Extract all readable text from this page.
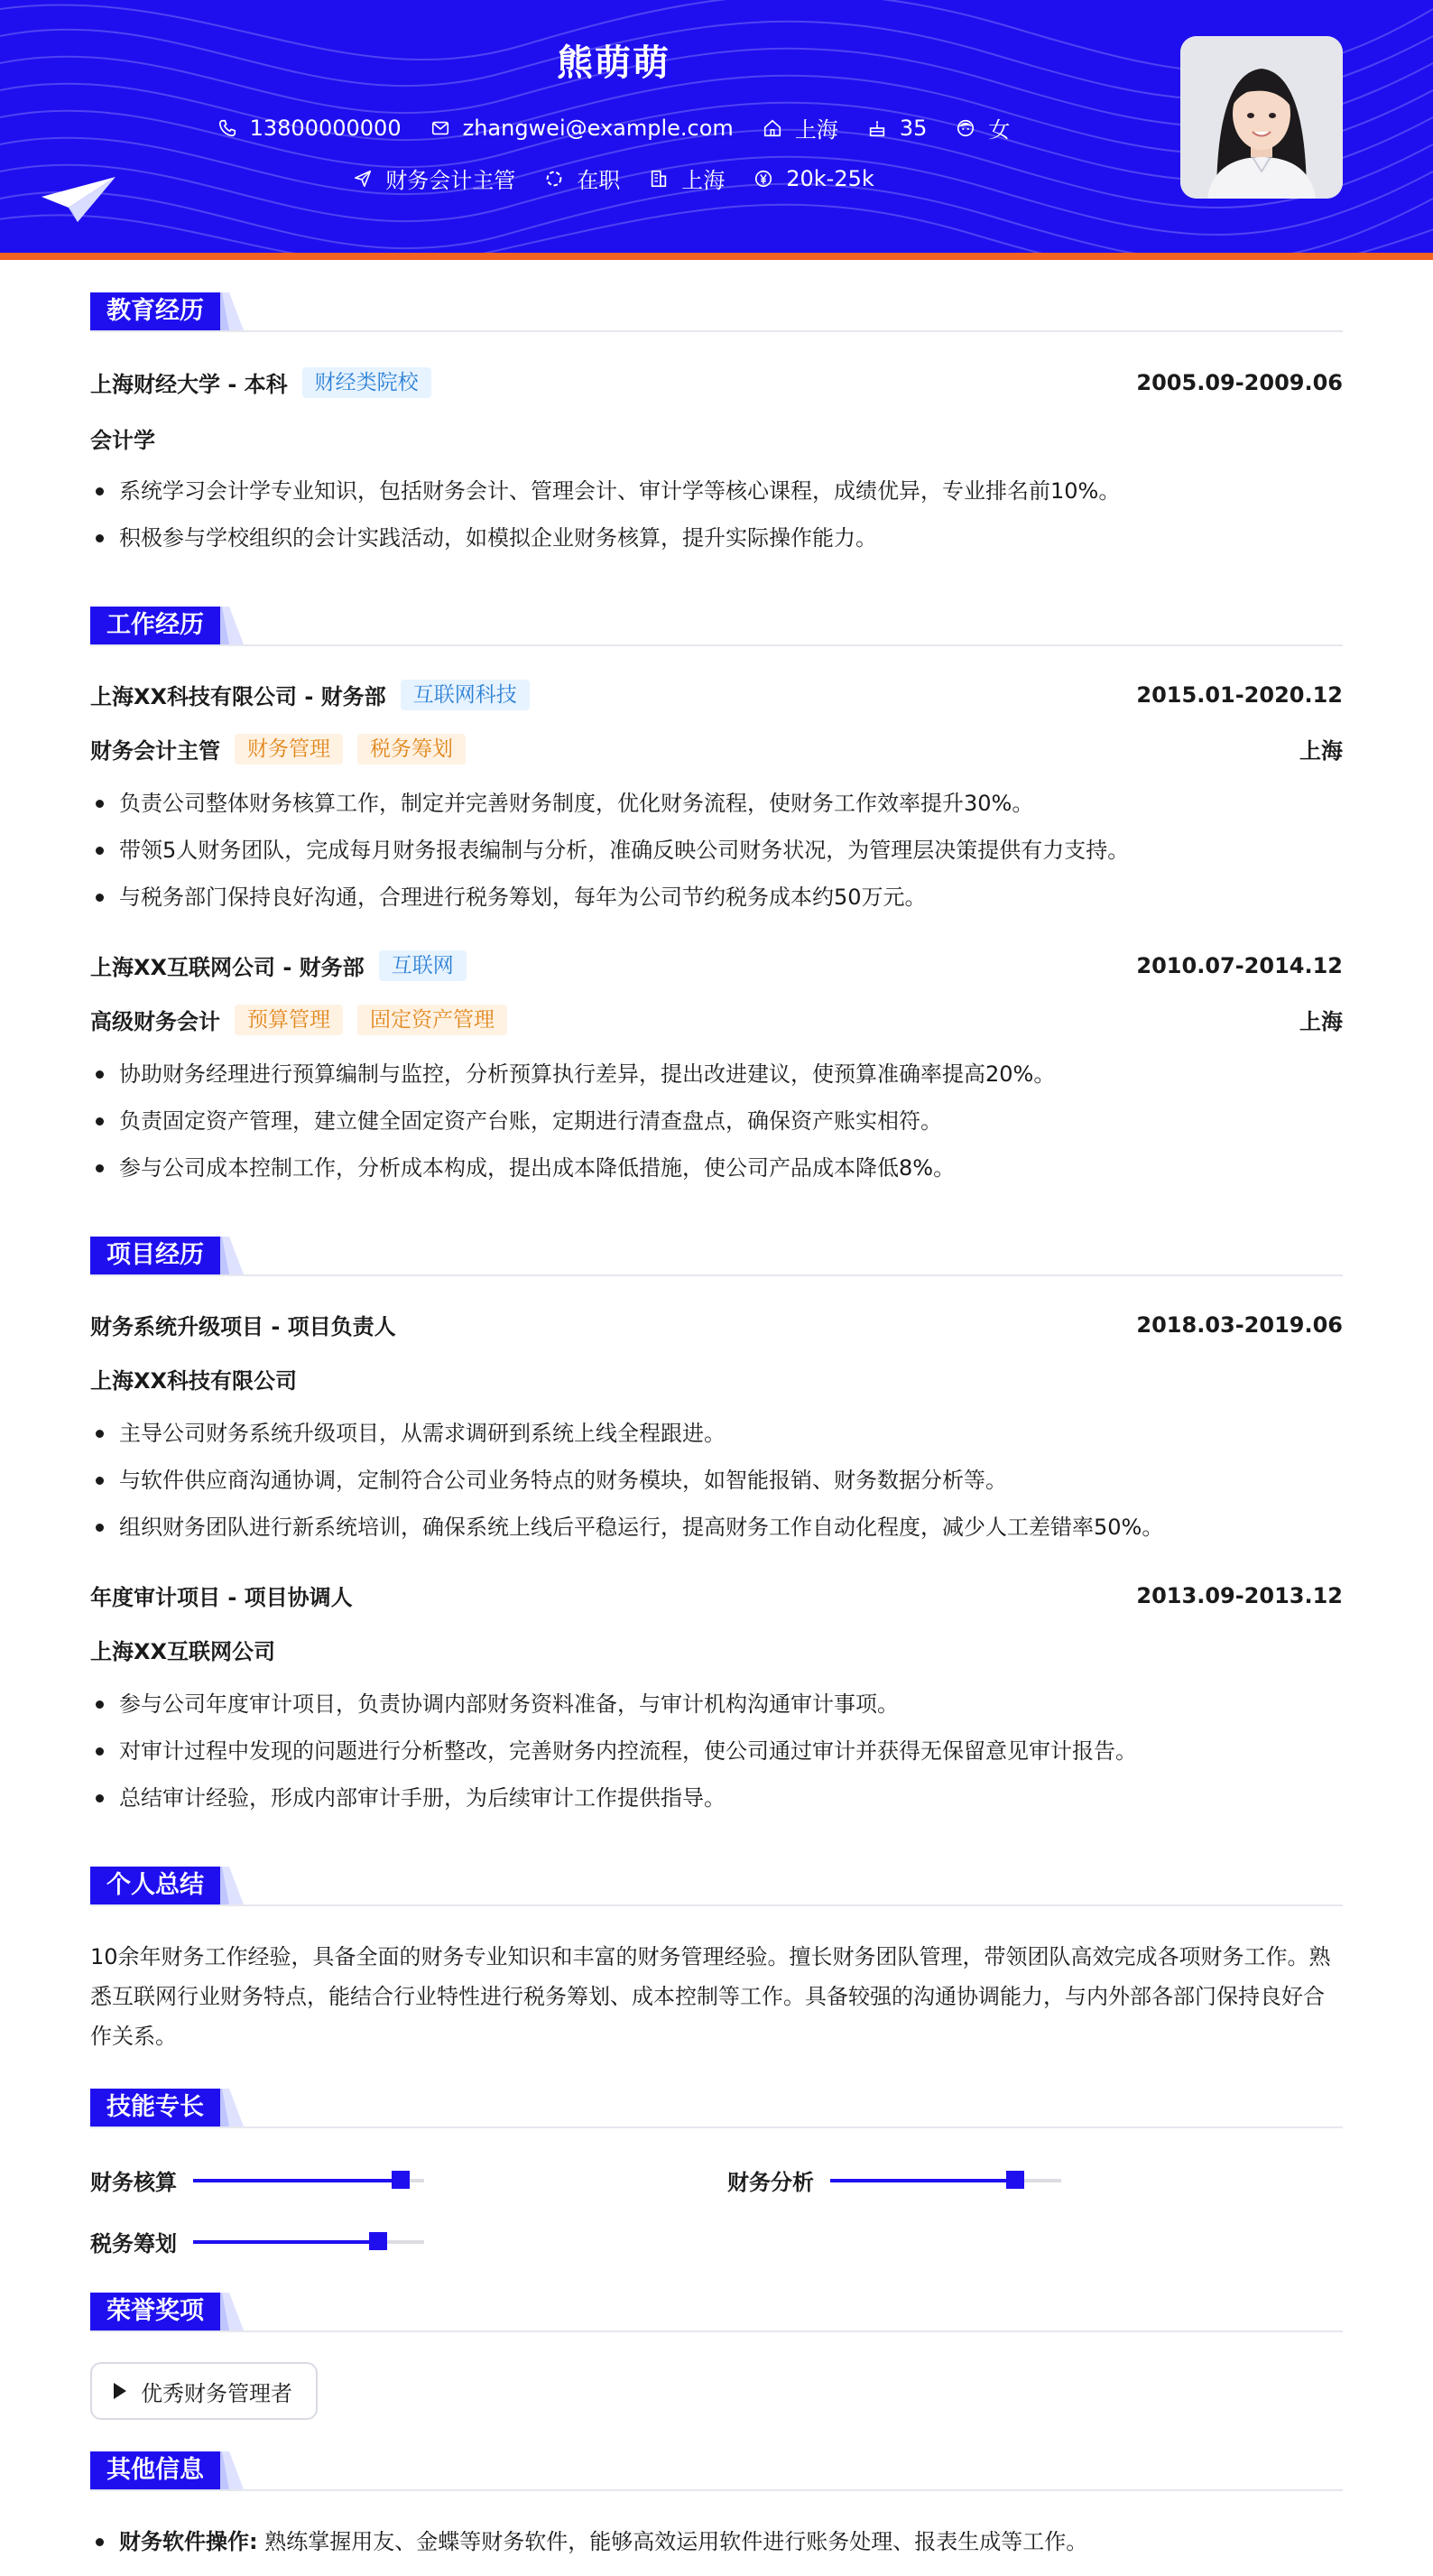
熊萌萌
13800000000	zhangwei@example.com	上海	35	女
财务会计主管	在职	上海	20k-25k
教育经历
上海财经大学 - 本科	财经类院校	2005.09-2009.06
会计学
系统学习会计学专业知识，包括财务会计、管理会计、审计学等核心课程，成绩优异，专业排名前10%。
积极参与学校组织的会计实践活动，如模拟企业财务核算，提升实际操作能力。
工作经历
上海XX科技有限公司 - 财务部	互联网科技	2015.01-2020.12
财务会计主管	财务管理	税务筹划	上海
负责公司整体财务核算工作，制定并完善财务制度，优化财务流程，使财务工作效率提升30%。
带领5人财务团队，完成每月财务报表编制与分析，准确反映公司财务状况，为管理层决策提供有力支持。
与税务部门保持良好沟通，合理进行税务筹划，每年为公司节约税务成本约50万元。
上海XX互联网公司 - 财务部	互联网	2010.07-2014.12
高级财务会计	预算管理	固定资产管理	上海
协助财务经理进行预算编制与监控，分析预算执行差异，提出改进建议，使预算准确率提高20%。
负责固定资产管理，建立健全固定资产台账，定期进行清查盘点，确保资产账实相符。
参与公司成本控制工作，分析成本构成，提出成本降低措施，使公司产品成本降低8%。
项目经历
财务系统升级项目 - 项目负责人	2018.03-2019.06
上海XX科技有限公司
主导公司财务系统升级项目，从需求调研到系统上线全程跟进。
与软件供应商沟通协调，定制符合公司业务特点的财务模块，如智能报销、财务数据分析等。
组织财务团队进行新系统培训，确保系统上线后平稳运行，提高财务工作自动化程度，减少人工差错率50%。
年度审计项目 - 项目协调人	2013.09-2013.12
上海XX互联网公司
参与公司年度审计项目，负责协调内部财务资料准备，与审计机构沟通审计事项。
对审计过程中发现的问题进行分析整改，完善财务内控流程，使公司通过审计并获得无保留意见审计报告。
总结审计经验，形成内部审计手册，为后续审计工作提供指导。
个人总结
10余年财务工作经验，具备全面的财务专业知识和丰富的财务管理经验。擅长财务团队管理，带领团队高效完成各项财务工作。熟
悉互联网行业财务特点，能结合行业特性进行税务筹划、成本控制等工作。具备较强的沟通协调能力，与内外部各部门保持良好合
作关系。
技能专长
财务核算	财务分析
税务筹划
荣誉奖项
优秀财务管理者
其他信息
财务软件操作: 熟练掌握用友、金蝶等财务软件，能够高效运用软件进行账务处理、报表生成等工作。
